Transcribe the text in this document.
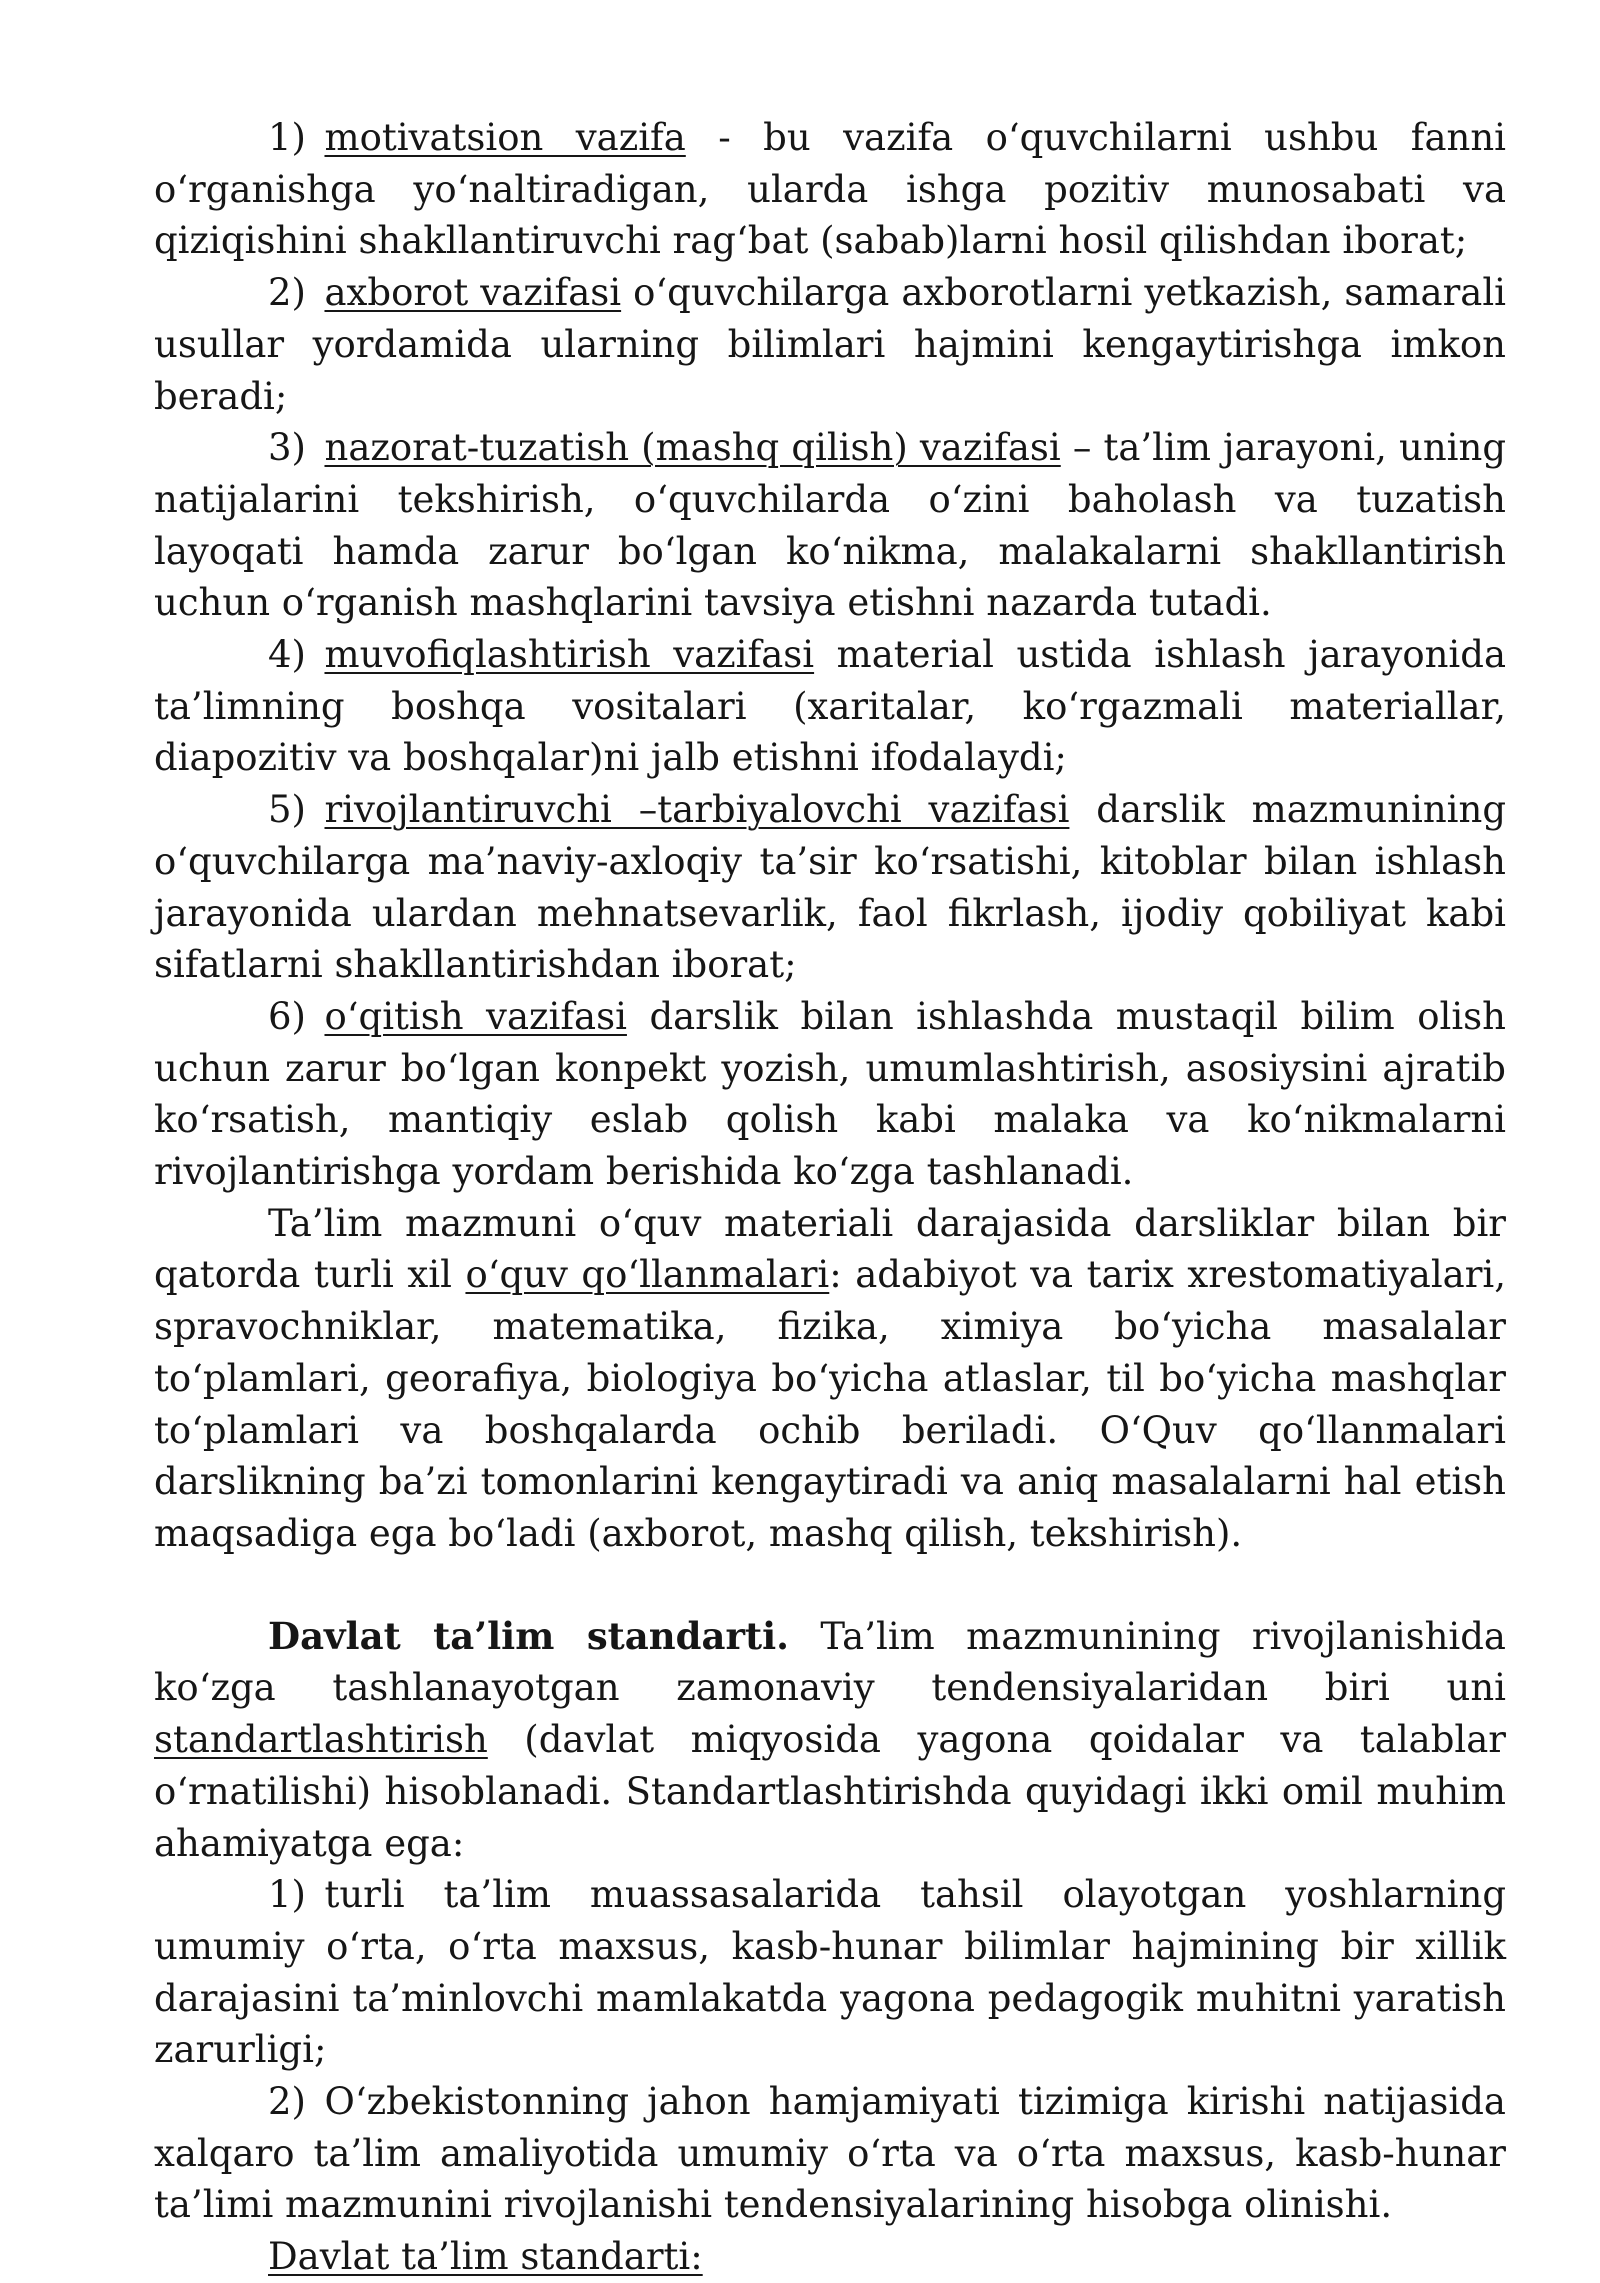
1) motivatsion vazifa - bu vazifa o‘quvchilarni ushbu fanni o‘rganishga yo‘naltiradigan, ularda ishga pozitiv munosabati va qiziqishini shakllantiruvchi rag‘bat (sabab)larni hosil qilishdan iborat;

2) axborot vazifasi o‘quvchilarga axborotlarni yetkazish, samarali usullar yordamida ularning bilimlari hajmini kengaytirishga imkon beradi;

3) nazorat-tuzatish (mashq qilish) vazifasi – ta’lim jarayoni, uning natijalarini tekshirish, o‘quvchilarda o‘zini baholash va tuzatish layoqati hamda zarur bo‘lgan ko‘nikma, malakalarni shakllantirish uchun o‘rganish mashqlarini tavsiya etishni nazarda tutadi.

4) muvofiqlashtirish vazifasi material ustida ishlash jarayonida ta’limning boshqa vositalari (xaritalar, ko‘rgazmali materiallar, diapozitiv va boshqalar)ni jalb etishni ifodalaydi;

5) rivojlantiruvchi –tarbiyalovchi vazifasi darslik mazmunining o‘quvchilarga ma’naviy-axloqiy ta’sir ko‘rsatishi, kitoblar bilan ishlash jarayonida ulardan mehnatsevarlik, faol fikrlash, ijodiy qobiliyat kabi sifatlarni shakllantirishdan iborat;

6) o‘qitish vazifasi darslik bilan ishlashda mustaqil bilim olish uchun zarur bo‘lgan konpekt yozish, umumlashtirish, asosiysini ajratib ko‘rsatish, mantiqiy eslab qolish kabi malaka va ko‘nikmalarni rivojlantirishga yordam berishida ko‘zga tashlanadi.

Ta’lim mazmuni o‘quv materiali darajasida darsliklar bilan bir qatorda turli xil o‘quv qo‘llanmalari: adabiyot va tarix xrestomatiyalari, spravochniklar, matematika, fizika, ximiya bo‘yicha masalalar to‘plamlari, georafiya, biologiya bo‘yicha atlaslar, til bo‘yicha mashqlar to‘plamlari va boshqalarda ochib beriladi. O‘Quv qo‘llanmalari darslikning ba’zi tomonlarini kengaytiradi va aniq masalalarni hal etish maqsadiga ega bo‘ladi (axborot, mashq qilish, tekshirish).

Davlat ta’lim standarti. Ta’lim mazmunining rivojlanishida ko‘zga tashlanayotgan zamonaviy tendensiyalaridan biri uni standartlashtirish (davlat miqyosida yagona qoidalar va talablar o‘rnatilishi) hisoblanadi. Standartlashtirishda quyidagi ikki omil muhim ahamiyatga ega:

1) turli ta’lim muassasalarida tahsil olayotgan yoshlarning umumiy o‘rta, o‘rta maxsus, kasb-hunar bilimlar hajmining bir xillik darajasini ta’minlovchi mamlakatda yagona pedagogik muhitni yaratish zarurligi;

2) O‘zbekistonning jahon hamjamiyati tizimiga kirishi natijasida xalqaro ta’lim amaliyotida umumiy o‘rta va o‘rta maxsus, kasb-hunar ta’limi mazmunini rivojlanishi tendensiyalarining hisobga olinishi.

Davlat ta’lim standarti:
